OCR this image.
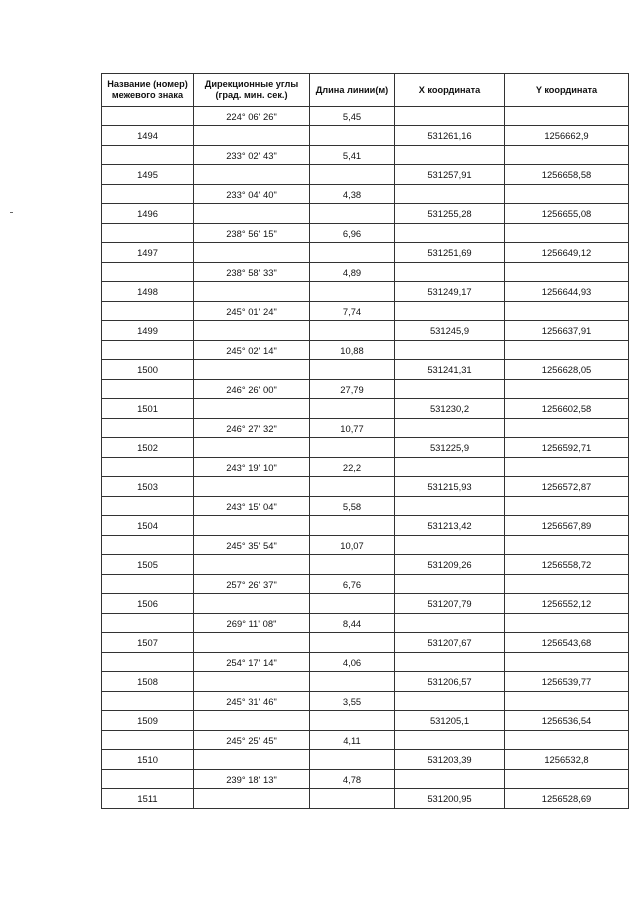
Название (номер)
межевого знака	Дирекционные углы
(град. мин. сек.)	Длина линии(м)	X координата	Y координата
	224° 06' 26"	5,45		
1494			531261,16	1256662,9
	233° 02' 43"	5,41		
1495			531257,91	1256658,58
	233° 04' 40"	4,38		
1496			531255,28	1256655,08
	238° 56' 15"	6,96		
1497			531251,69	1256649,12
	238° 58' 33"	4,89		
1498			531249,17	1256644,93
	245° 01' 24"	7,74		
1499			531245,9	1256637,91
	245° 02' 14"	10,88		
1500			531241,31	1256628,05
	246° 26' 00"	27,79		
1501			531230,2	1256602,58
	246° 27' 32"	10,77		
1502			531225,9	1256592,71
	243° 19' 10"	22,2		
1503			531215,93	1256572,87
	243° 15' 04"	5,58		
1504			531213,42	1256567,89
	245° 35' 54"	10,07		
1505			531209,26	1256558,72
	257° 26' 37"	6,76		
1506			531207,79	1256552,12
	269° 11' 08"	8,44		
1507			531207,67	1256543,68
	254° 17' 14"	4,06		
1508			531206,57	1256539,77
	245° 31' 46"	3,55		
1509			531205,1	1256536,54
	245° 25' 45"	4,11		
1510			531203,39	1256532,8
	239° 18' 13"	4,78		
1511			531200,95	1256528,69
